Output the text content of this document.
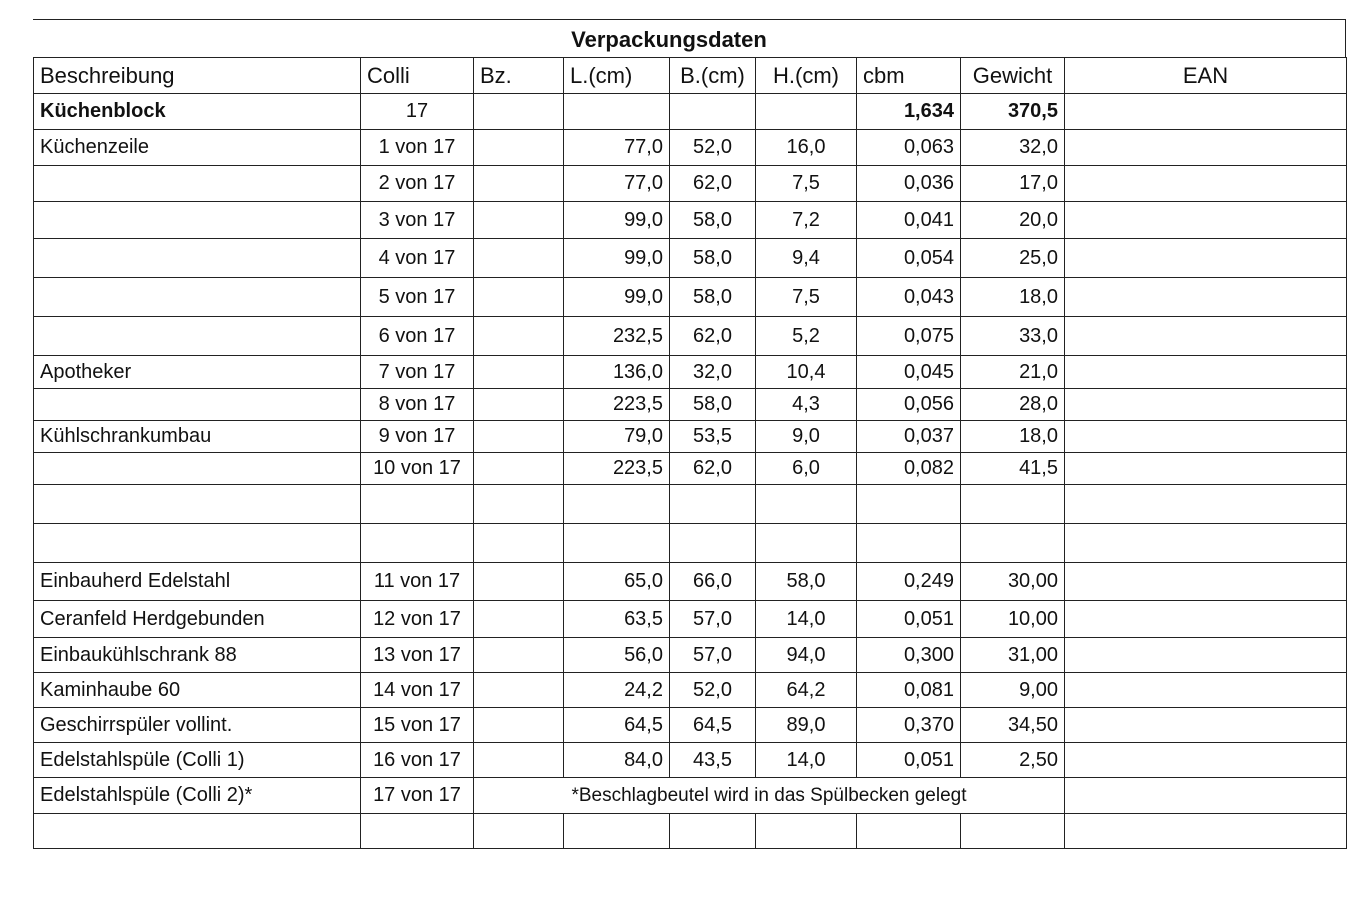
Verpackungsdaten
Beschreibung	Colli	Bz.	L.(cm)	B.(cm)	H.(cm)	cbm	Gewicht	EAN
Küchenblock	17					1,634	370,5	
Küchenzeile	1 von 17		77,0	52,0	16,0	0,063	32,0	
	2 von 17		77,0	62,0	7,5	0,036	17,0	
	3 von 17		99,0	58,0	7,2	0,041	20,0	
	4 von 17		99,0	58,0	9,4	0,054	25,0	
	5 von 17		99,0	58,0	7,5	0,043	18,0	
	6 von 17		232,5	62,0	5,2	0,075	33,0	
Apotheker	7 von 17		136,0	32,0	10,4	0,045	21,0	
	8 von 17		223,5	58,0	4,3	0,056	28,0	
Kühlschrankumbau	9 von 17		79,0	53,5	9,0	0,037	18,0	
	10 von 17		223,5	62,0	6,0	0,082	41,5	

Einbauherd Edelstahl	11 von 17		65,0	66,0	58,0	0,249	30,00	
Ceranfeld Herdgebunden	12 von 17		63,5	57,0	14,0	0,051	10,00	
Einbaukühlschrank 88	13 von 17		56,0	57,0	94,0	0,300	31,00	
Kaminhaube 60	14 von 17		24,2	52,0	64,2	0,081	9,00	
Geschirrspüler vollint.	15 von 17		64,5	64,5	89,0	0,370	34,50	
Edelstahlspüle (Colli 1)	16 von 17		84,0	43,5	14,0	0,051	2,50	
Edelstahlspüle (Colli 2)*	17 von 17	*Beschlagbeutel wird in das Spülbecken gelegt						
